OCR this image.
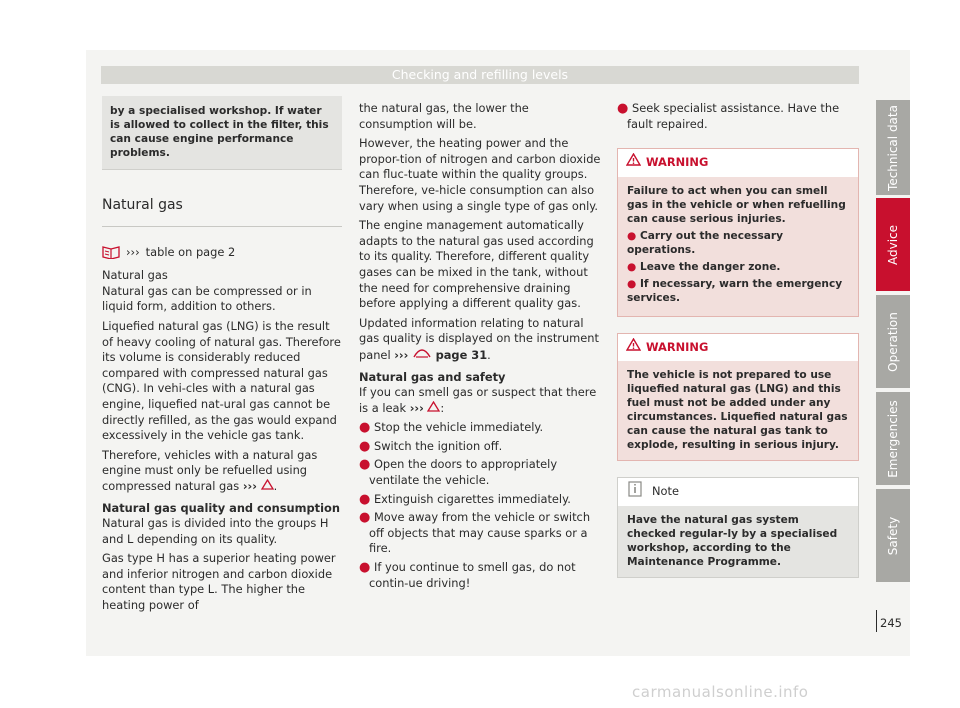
Checking and refilling levels
by a specialised workshop. If water is allowed to collect in the filter, this can cause engine performance problems.
Natural gas

››› table on page 2

Natural gas

Natural gas can be compressed or in liquid form, addition to others.

Liquefied natural gas (LNG) is the result of heavy cooling of natural gas. Therefore its volume is considerably reduced compared with compressed natural gas (CNG). In vehi-cles with a natural gas engine, liquefied nat-ural gas cannot be directly refilled, as the gas would expand excessively in the vehicle gas tank.

Therefore, vehicles with a natural gas engine must only be refuelled using compressed natural gas ››› .

Natural gas quality and consumption

Natural gas is divided into the groups H and L depending on its quality.

Gas type H has a superior heating power and inferior nitrogen and carbon dioxide content than type L. The higher the heating power of

the natural gas, the lower the consumption will be.

However, the heating power and the propor-tion of nitrogen and carbon dioxide can fluc-tuate within the quality groups. Therefore, ve-hicle consumption can also vary when using a single type of gas only.

The engine management automatically adapts to the natural gas used according to its quality. Therefore, different quality gases can be mixed in the tank, without the need for comprehensive draining before applying a different quality gas.

Updated information relating to natural gas quality is displayed on the instrument panel ››› page 31.

Natural gas and safety

If you can smell gas or suspect that there is a leak ››› :

● Stop the vehicle immediately.

● Switch the ignition off.

● Open the doors to appropriately ventilate the vehicle.

● Extinguish cigarettes immediately.

● Move away from the vehicle or switch off objects that may cause sparks or a fire.

● If you continue to smell gas, do not contin-ue driving!

● Seek specialist assistance. Have the fault repaired.

WARNING
Failure to act when you can smell gas in the vehicle or when refuelling can cause serious injuries.
● Carry out the necessary operations.
● Leave the danger zone.
● If necessary, warn the emergency services.
WARNING
The vehicle is not prepared to use liquefied natural gas (LNG) and this fuel must not be added under any circumstances. Liquefied natural gas can cause the natural gas tank to explode, resulting in serious injury.
Note
Have the natural gas system checked regular-ly by a specialised workshop, according to the Maintenance Programme.
Technical data
Advice
Operation
Emergencies
Safety
245
carmanualsonline.info
